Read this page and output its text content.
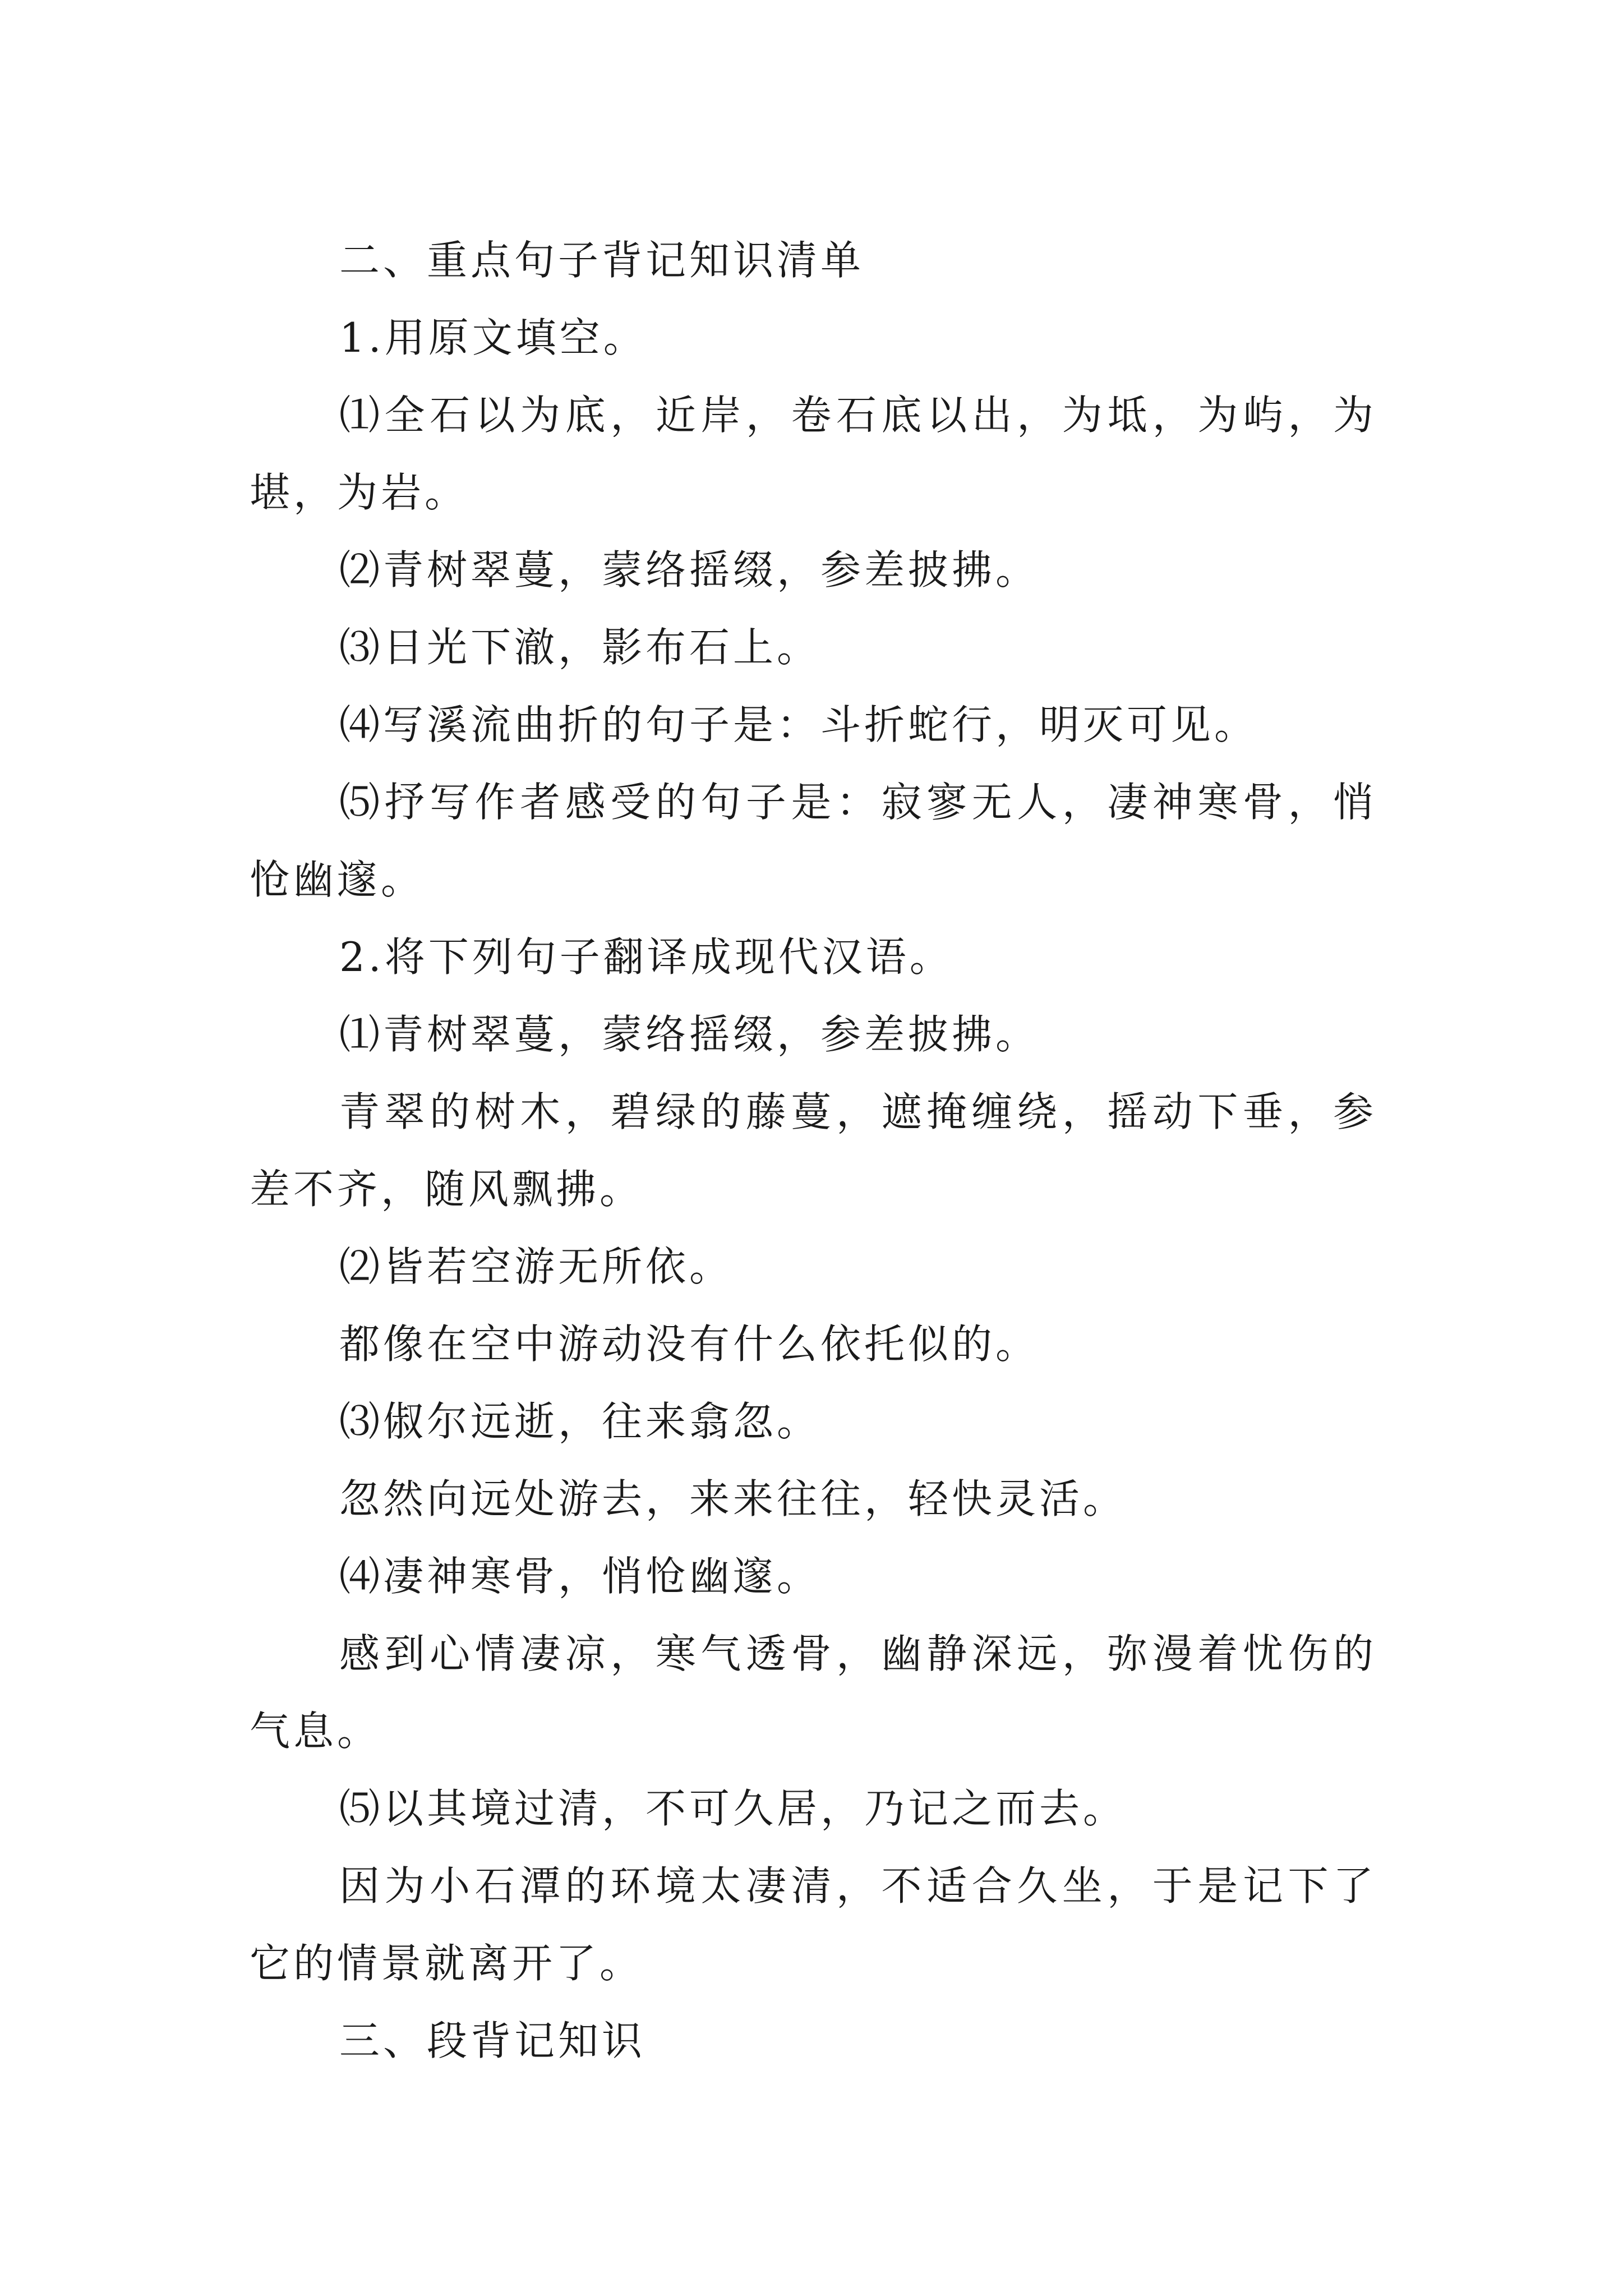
二、重点句子背记知识清单

1.用原文填空。

⑴全石以为底，近岸，卷石底以出，为坻，为屿，为堪，为岩。

⑵青树翠蔓，蒙络摇缀，参差披拂。

⑶日光下澈，影布石上。

⑷写溪流曲折的句子是：斗折蛇行，明灭可见。

⑸抒写作者感受的句子是：寂寥无人，凄神寒骨，悄怆幽邃。

2.将下列句子翻译成现代汉语。

⑴青树翠蔓，蒙络摇缀，参差披拂。

青翠的树木，碧绿的藤蔓，遮掩缠绕，摇动下垂，参差不齐，随风飘拂。

⑵皆若空游无所依。

都像在空中游动没有什么依托似的。

⑶俶尔远逝，往来翕忽。

忽然向远处游去，来来往往，轻快灵活。

⑷凄神寒骨，悄怆幽邃。

感到心情凄凉，寒气透骨，幽静深远，弥漫着忧伤的气息。

⑸以其境过清，不可久居，乃记之而去。

因为小石潭的环境太凄清，不适合久坐，于是记下了它的情景就离开了。

三、段背记知识
